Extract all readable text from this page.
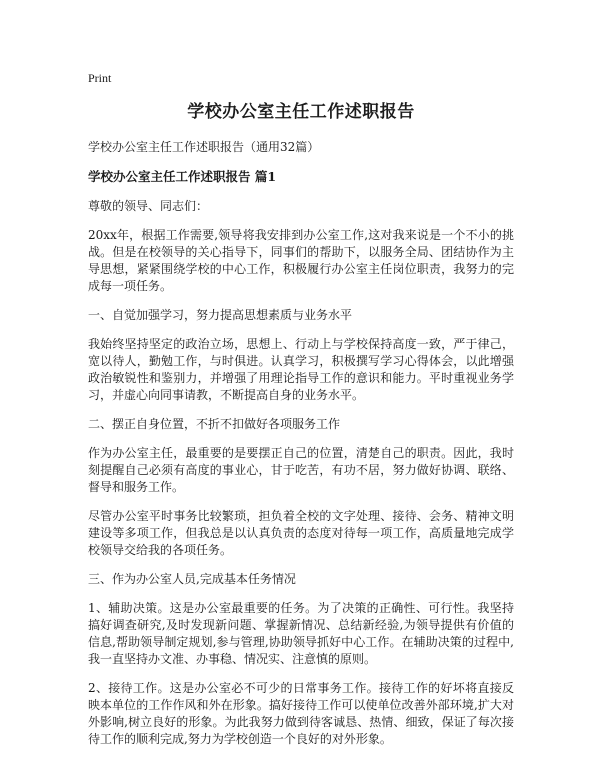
Print
学校办公室主任工作述职报告
学校办公室主任工作述职报告（通用32篇）
学校办公室主任工作述职报告 篇1
尊敬的领导、同志们：
20xx年，根据工作需要,领导将我安排到办公室工作,这对我来说是一个不小的挑战。但是在校领导的关心指导下，同事们的帮助下，以服务全局、团结协作为主导思想，紧紧围绕学校的中心工作，积极履行办公室主任岗位职责，我努力的完成每一项任务。
一、自觉加强学习，努力提高思想素质与业务水平
我始终坚持坚定的政治立场，思想上、行动上与学校保持高度一致，严于律己，宽以待人，勤勉工作，与时俱进。认真学习，积极撰写学习心得体会，以此增强政治敏锐性和鉴别力，并增强了用理论指导工作的意识和能力。平时重视业务学习，并虚心向同事请教，不断提高自身的业务水平。
二、摆正自身位置，不折不扣做好各项服务工作
作为办公室主任，最重要的是要摆正自己的位置，清楚自己的职责。因此，我时刻提醒自己必须有高度的事业心，甘于吃苦，有功不居，努力做好协调、联络、督导和服务工作。
尽管办公室平时事务比较繁琐，担负着全校的文字处理、接待、会务、精神文明建设等多项工作，但我总是以认真负责的态度对待每一项工作，高质量地完成学校领导交给我的各项任务。
三、作为办公室人员,完成基本任务情况
1、辅助决策。这是办公室最重要的任务。为了决策的正确性、可行性。我坚持搞好调查研究,及时发现新问题、掌握新情况、总结新经验,为领导提供有价值的信息,帮助领导制定规划,参与管理,协助领导抓好中心工作。在辅助决策的过程中,我一直坚持办文准、办事稳、情况实、注意慎的原则。
2、接待工作。这是办公室必不可少的日常事务工作。接待工作的好坏将直接反映本单位的工作作风和外在形象。搞好接待工作可以使单位改善外部环境,扩大对外影响,树立良好的形象。为此我努力做到待客诚恳、热情、细致，保证了每次接待工作的顺利完成,努力为学校创造一个良好的对外形象。
